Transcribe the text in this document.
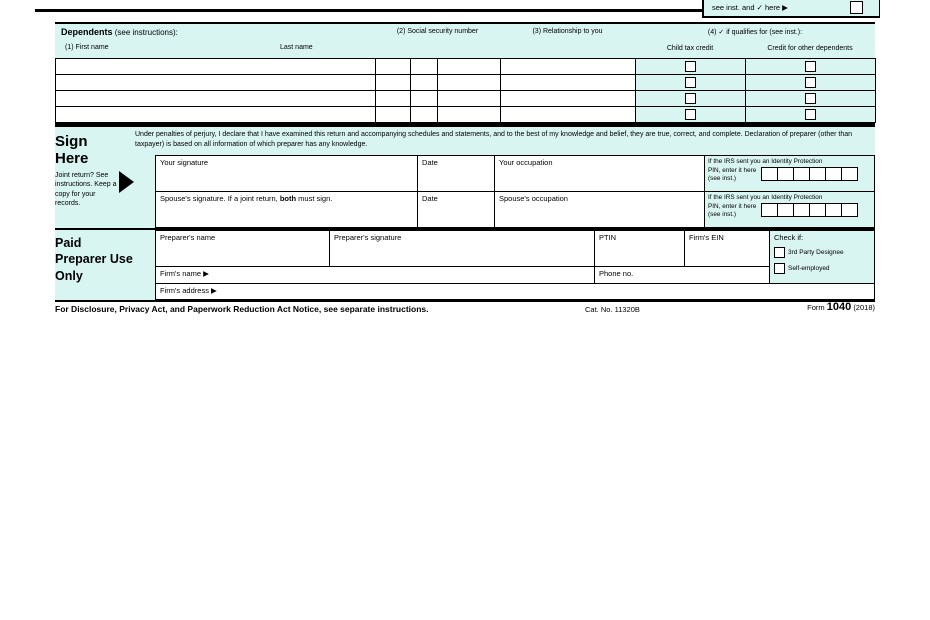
see inst. and ✓ here ▶
Dependents (see instructions):	(2) Social security number	(3) Relationship to you	(4) ✓ if qualifies for (see inst.):
(1) First name	Last name	Child tax credit	Credit for other dependents
Sign Here
Joint return? See instructions. Keep a copy for your records.
Under penalties of perjury, I declare that I have examined this return and accompanying schedules and statements, and to the best of my knowledge and belief, they are true, correct, and complete. Declaration of preparer (other than taxpayer) is based on all information of which preparer has any knowledge.
Your signature	Date	Your occupation	If the IRS sent you an Identity Protection
PIN, enter it here (see inst.)
Spouse's signature. If a joint return, both must sign.	Date	Spouse's occupation	If the IRS sent you an Identity Protection
PIN, enter it here (see inst.)
Paid Preparer Use Only
Preparer's name	Preparer's signature	PTIN	Firm's EIN	Check if:
3rd Party Designee
Self-employed
Firm's name ▶	Phone no.
Firm's address ▶
For Disclosure, Privacy Act, and Paperwork Reduction Act Notice, see separate instructions.	Cat. No. 11320B	Form 1040 (2018)
